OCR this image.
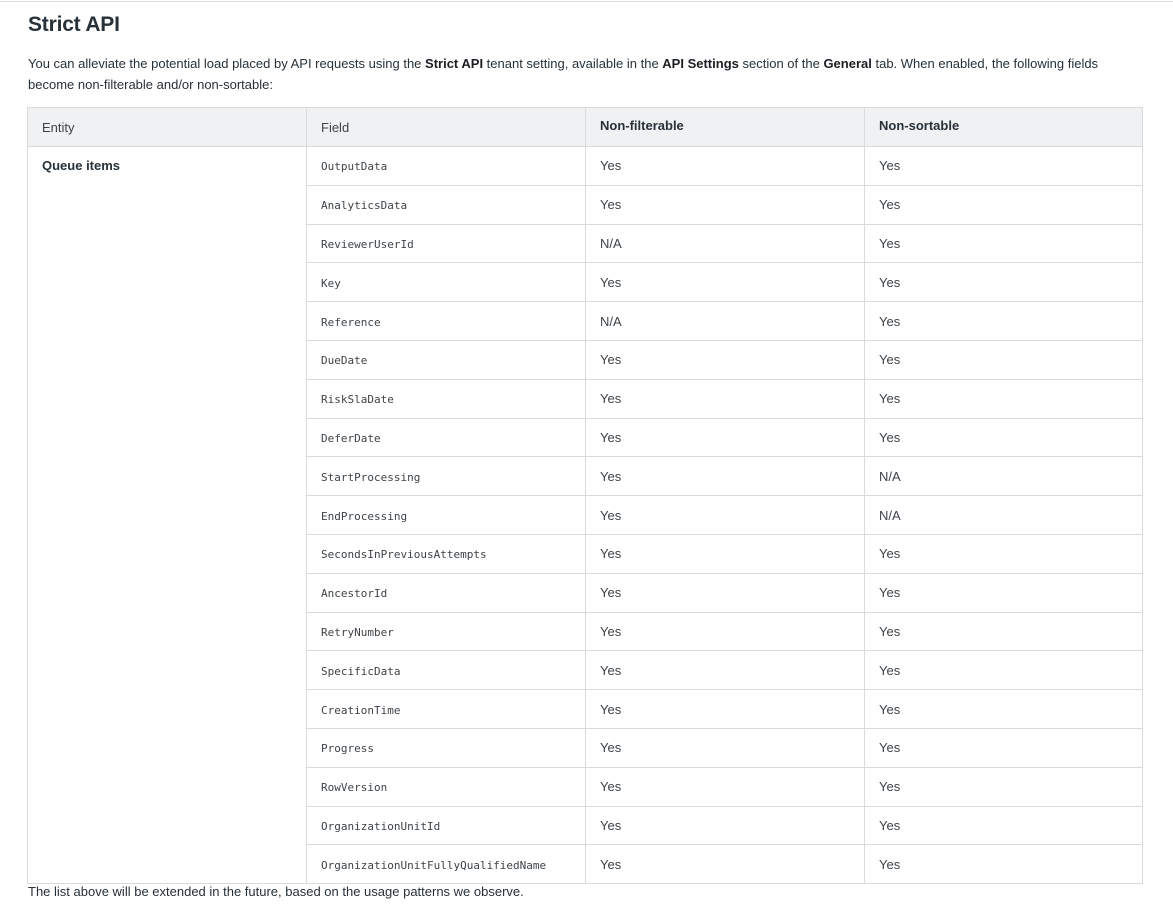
Strict API

You can alleviate the potential load placed by API requests using the Strict API tenant setting, available in the API Settings section of the General tab. When enabled, the following fields become non-filterable and/or non-sortable:

Entity	Field	Non-filterable	Non-sortable
Queue items	OutputData	Yes	Yes
	AnalyticsData	Yes	Yes
	ReviewerUserId	N/A	Yes
	Key	Yes	Yes
	Reference	N/A	Yes
	DueDate	Yes	Yes
	RiskSlaDate	Yes	Yes
	DeferDate	Yes	Yes
	StartProcessing	Yes	N/A
	EndProcessing	Yes	N/A
	SecondsInPreviousAttempts	Yes	Yes
	AncestorId	Yes	Yes
	RetryNumber	Yes	Yes
	SpecificData	Yes	Yes
	CreationTime	Yes	Yes
	Progress	Yes	Yes
	RowVersion	Yes	Yes
	OrganizationUnitId	Yes	Yes
	OrganizationUnitFullyQualifiedName	Yes	Yes

The list above will be extended in the future, based on the usage patterns we observe.
